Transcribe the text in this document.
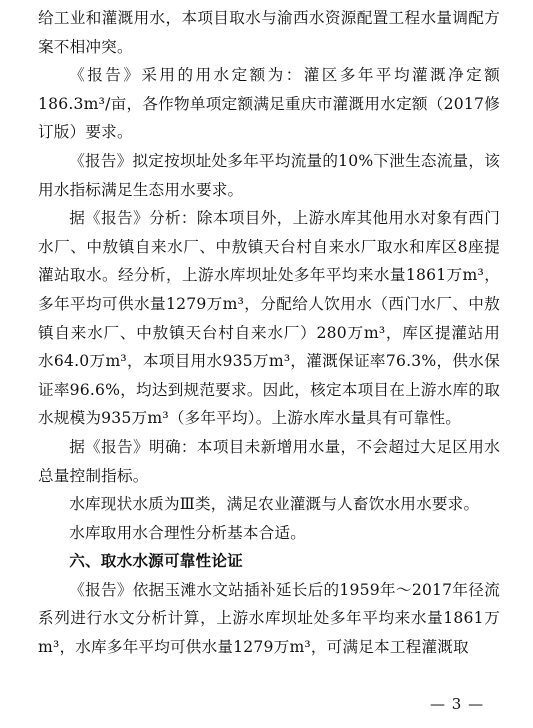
给工业和灌溉用水，本项目取水与渝西水资源配置工程水量调配方案不相冲突。

《报告》采用的用水定额为：灌区多年平均灌溉净定额186.3m³/亩，各作物单项定额满足重庆市灌溉用水定额（2017修订版）要求。

《报告》拟定按坝址处多年平均流量的10%下泄生态流量，该用水指标满足生态用水要求。

据《报告》分析：除本项目外，上游水库其他用水对象有西门水厂、中敖镇自来水厂、中敖镇天台村自来水厂取水和库区8座提灌站取水。经分析，上游水库坝址处多年平均来水量1861万m³，多年平均可供水量1279万m³，分配给人饮用水（西门水厂、中敖镇自来水厂、中敖镇天台村自来水厂）280万m³，库区提灌站用水64.0万m³，本项目用水935万m³，灌溉保证率76.3%，供水保证率96.6%，均达到规范要求。因此，核定本项目在上游水库的取水规模为935万m³（多年平均）。上游水库水量具有可靠性。

据《报告》明确：本项目未新增用水量，不会超过大足区用水总量控制指标。

水库现状水质为Ⅲ类，满足农业灌溉与人畜饮水用水要求。

水库取用水合理性分析基本合适。

六、取水水源可靠性论证

《报告》依据玉滩水文站插补延长后的1959年～2017年径流系列进行水文分析计算，上游水库坝址处多年平均来水量1861万m³，水库多年平均可供水量1279万m³，可满足本工程灌溉取

— 3 —
